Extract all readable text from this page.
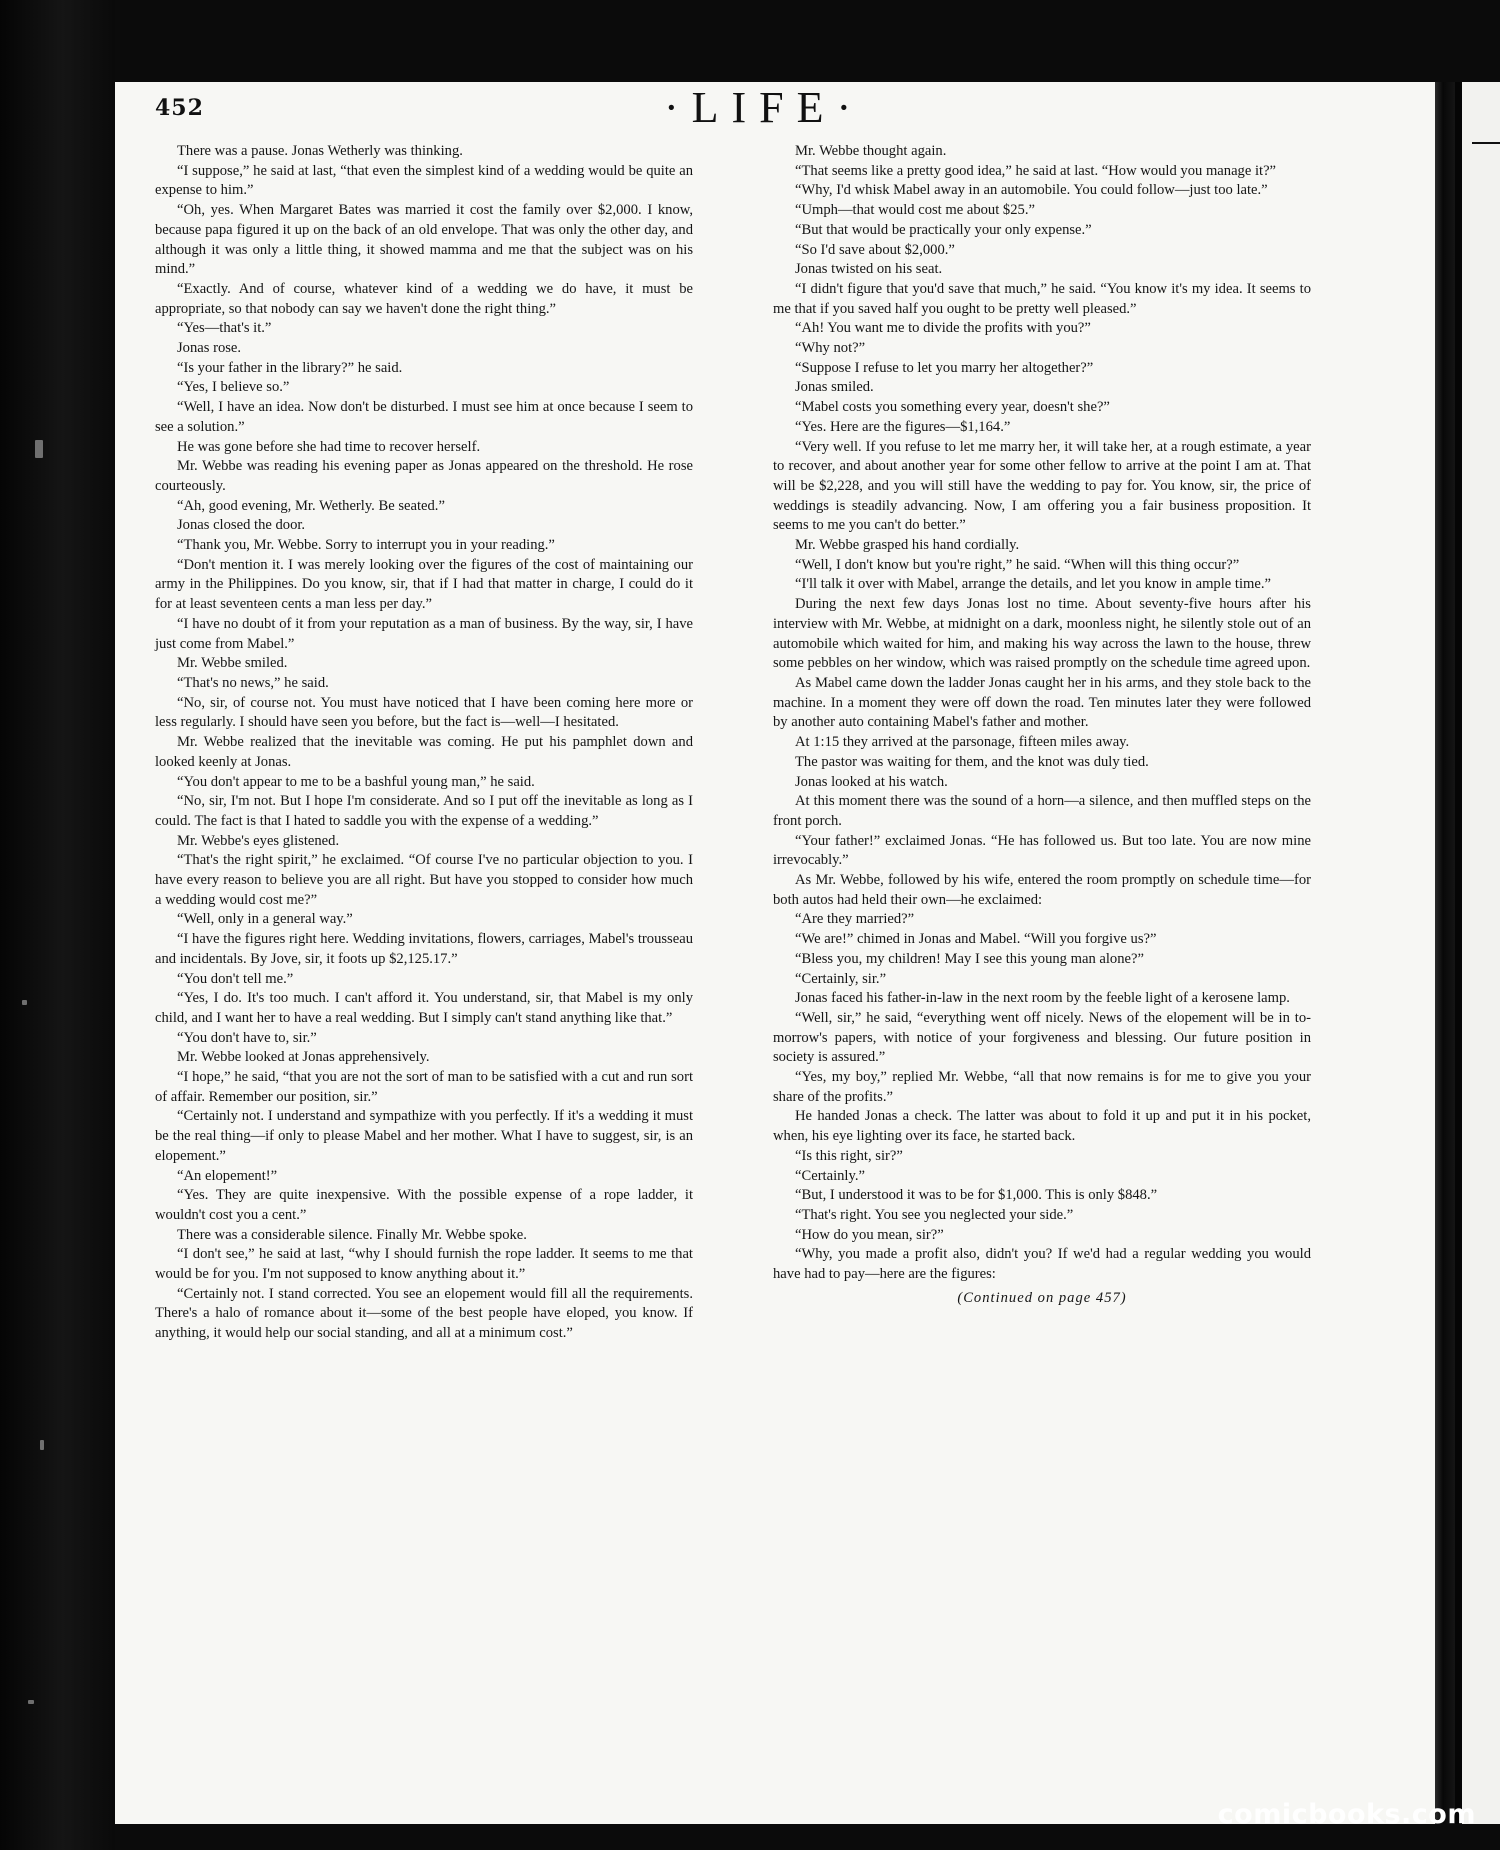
452	·LIFE·

There was a pause. Jonas Wetherly was thinking.

“I suppose,” he said at last, “that even the simplest kind of a wedding would be quite an expense to him.”

“Oh, yes. When Margaret Bates was married it cost the family over $2,000. I know, because papa figured it up on the back of an old envelope. That was only the other day, and although it was only a little thing, it showed mamma and me that the subject was on his mind.”

“Exactly. And of course, whatever kind of a wedding we do have, it must be appropriate, so that nobody can say we haven't done the right thing.”

“Yes—that's it.”

Jonas rose.

“Is your father in the library?” he said.

“Yes, I believe so.”

“Well, I have an idea. Now don't be disturbed. I must see him at once because I seem to see a solution.”

He was gone before she had time to recover herself.

Mr. Webbe was reading his evening paper as Jonas appeared on the threshold. He rose courteously.

“Ah, good evening, Mr. Wetherly. Be seated.”

Jonas closed the door.

“Thank you, Mr. Webbe. Sorry to interrupt you in your reading.”

“Don't mention it. I was merely looking over the figures of the cost of maintaining our army in the Philippines. Do you know, sir, that if I had that matter in charge, I could do it for at least seventeen cents a man less per day.”

“I have no doubt of it from your reputation as a man of business. By the way, sir, I have just come from Mabel.”

Mr. Webbe smiled.

“That's no news,” he said.

“No, sir, of course not. You must have noticed that I have been coming here more or less regularly. I should have seen you before, but the fact is—well—I hesitated.

Mr. Webbe realized that the inevitable was coming. He put his pamphlet down and looked keenly at Jonas.

“You don't appear to me to be a bashful young man,” he said.

“No, sir, I'm not. But I hope I'm considerate. And so I put off the inevitable as long as I could. The fact is that I hated to saddle you with the expense of a wedding.”

Mr. Webbe's eyes glistened.

“That's the right spirit,” he exclaimed. “Of course I've no particular objection to you. I have every reason to believe you are all right. But have you stopped to consider how much a wedding would cost me?”

“Well, only in a general way.”

“I have the figures right here. Wedding invitations, flowers, carriages, Mabel's trousseau and incidentals. By Jove, sir, it foots up $2,125.17.”

“You don't tell me.”

“Yes, I do. It's too much. I can't afford it. You understand, sir, that Mabel is my only child, and I want her to have a real wedding. But I simply can't stand anything like that.”

“You don't have to, sir.”

Mr. Webbe looked at Jonas apprehensively.

“I hope,” he said, “that you are not the sort of man to be satisfied with a cut and run sort of affair. Remember our position, sir.”

“Certainly not. I understand and sympathize with you perfectly. If it's a wedding it must be the real thing—if only to please Mabel and her mother. What I have to suggest, sir, is an elopement.”

“An elopement!”

“Yes. They are quite inexpensive. With the possible expense of a rope ladder, it wouldn't cost you a cent.”

There was a considerable silence. Finally Mr. Webbe spoke.

“I don't see,” he said at last, “why I should furnish the rope ladder. It seems to me that would be for you. I'm not supposed to know anything about it.”

“Certainly not. I stand corrected. You see an elopement would fill all the requirements. There's a halo of romance about it—some of the best people have eloped, you know. If anything, it would help our social standing, and all at a minimum cost.”

Mr. Webbe thought again.

“That seems like a pretty good idea,” he said at last. “How would you manage it?”

“Why, I'd whisk Mabel away in an automobile. You could follow—just too late.”

“Umph—that would cost me about $25.”

“But that would be practically your only expense.”

“So I'd save about $2,000.”

Jonas twisted on his seat.

“I didn't figure that you'd save that much,” he said. “You know it's my idea. It seems to me that if you saved half you ought to be pretty well pleased.”

“Ah! You want me to divide the profits with you?”

“Why not?”

“Suppose I refuse to let you marry her altogether?”

Jonas smiled.

“Mabel costs you something every year, doesn't she?”

“Yes. Here are the figures—$1,164.”

“Very well. If you refuse to let me marry her, it will take her, at a rough estimate, a year to recover, and about another year for some other fellow to arrive at the point I am at. That will be $2,228, and you will still have the wedding to pay for. You know, sir, the price of weddings is steadily advancing. Now, I am offering you a fair business proposition. It seems to me you can't do better.”

Mr. Webbe grasped his hand cordially.

“Well, I don't know but you're right,” he said. “When will this thing occur?”

“I'll talk it over with Mabel, arrange the details, and let you know in ample time.”

During the next few days Jonas lost no time. About seventy-five hours after his interview with Mr. Webbe, at midnight on a dark, moonless night, he silently stole out of an automobile which waited for him, and making his way across the lawn to the house, threw some pebbles on her window, which was raised promptly on the schedule time agreed upon.

As Mabel came down the ladder Jonas caught her in his arms, and they stole back to the machine. In a moment they were off down the road. Ten minutes later they were followed by another auto containing Mabel's father and mother.

At 1:15 they arrived at the parsonage, fifteen miles away.

The pastor was waiting for them, and the knot was duly tied.

Jonas looked at his watch.

At this moment there was the sound of a horn—a silence, and then muffled steps on the front porch.

“Your father!” exclaimed Jonas. “He has followed us. But too late. You are now mine irrevocably.”

As Mr. Webbe, followed by his wife, entered the room promptly on schedule time—for both autos had held their own—he exclaimed:

“Are they married?”

“We are!” chimed in Jonas and Mabel. “Will you forgive us?”

“Bless you, my children! May I see this young man alone?”

“Certainly, sir.”

Jonas faced his father-in-law in the next room by the feeble light of a kerosene lamp.

“Well, sir,” he said, “everything went off nicely. News of the elopement will be in to-morrow's papers, with notice of your forgiveness and blessing. Our future position in society is assured.”

“Yes, my boy,” replied Mr. Webbe, “all that now remains is for me to give you your share of the profits.”

He handed Jonas a check. The latter was about to fold it up and put it in his pocket, when, his eye lighting over its face, he started back.

“Is this right, sir?”

“Certainly.”

“But, I understood it was to be for $1,000. This is only $848.”

“That's right. You see you neglected your side.”

“How do you mean, sir?”

“Why, you made a profit also, didn't you? If we'd had a regular wedding you would have had to pay—here are the figures:

(Continued on page 457)

comicbooks.com
